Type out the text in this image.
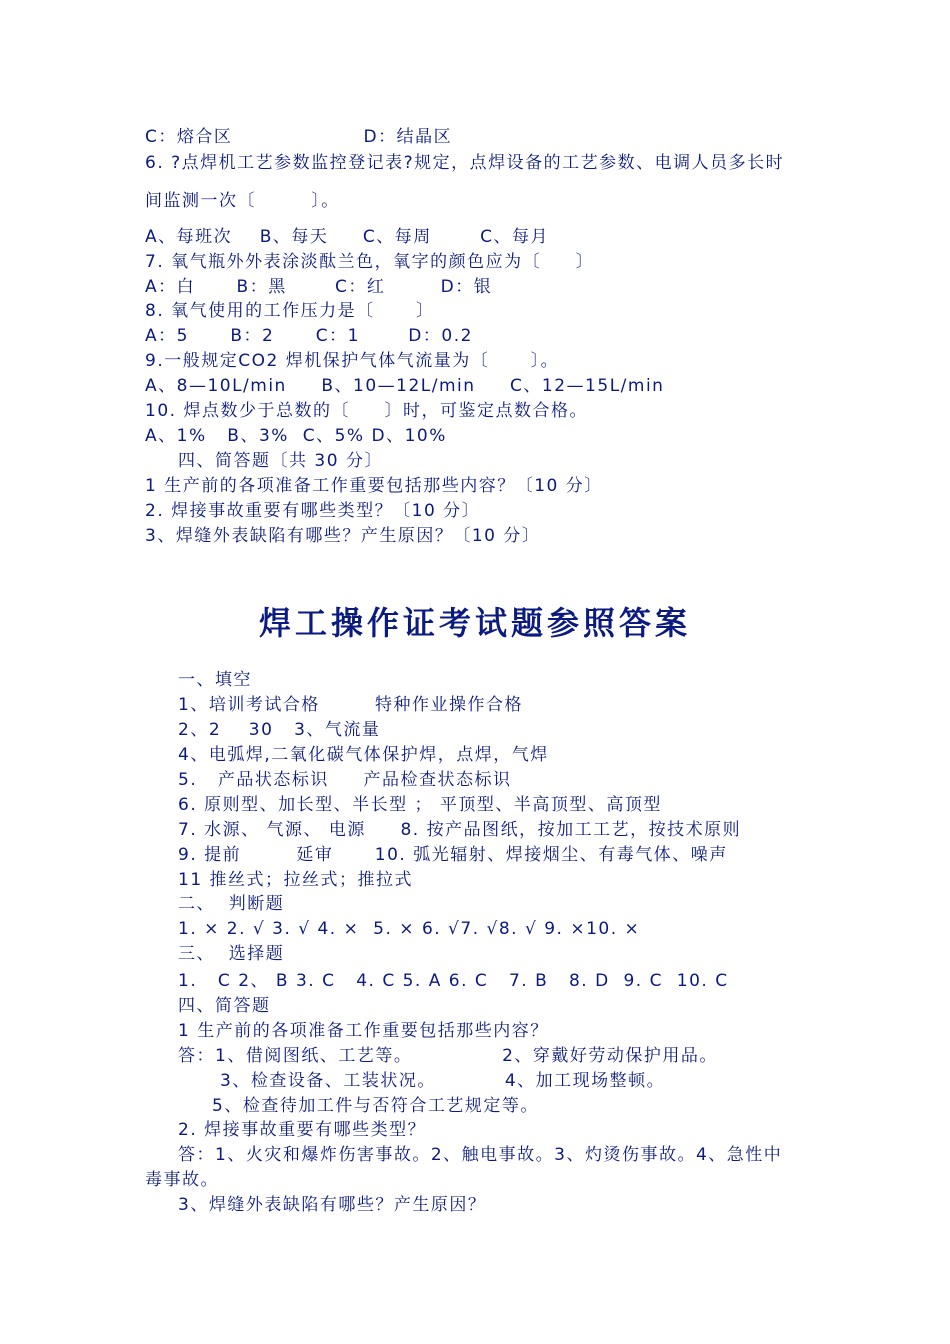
C：熔合区                   D：结晶区
6. ?点焊机工艺参数监控登记表?规定，点焊设备的工艺参数、电调人员多长时
间监测一次〔        〕。
A、每班次    B、每天     C、每周       C、每月
7. 氧气瓶外外表涂淡酞兰色，氧字的颜色应为〔     〕
A：白      B：黑       C：红        D：银
8. 氧气使用的工作压力是〔      〕
A：5      B：2      C：1       D：0.2
9.一般规定CO2 焊机保护气体气流量为〔      〕。
A、8—10L/min     B、10—12L/min     C、12—15L/min
10. 焊点数少于总数的〔     〕时，可鉴定点数合格。
A、1%   B、3%  C、5% D、10%
四、简答题〔共 30 分〕
1 生产前的各项准备工作重要包括那些内容？〔10 分〕
2. 焊接事故重要有哪些类型？〔10 分〕
3、焊缝外表缺陷有哪些？产生原因？〔10 分〕
焊工操作证考试题参照答案
一、填空
1、培训考试合格        特种作业操作合格
2、2    30   3、气流量
4、电弧焊,二氧化碳气体保护焊，点焊，气焊
5.   产品状态标识     产品检查状态标识
6. 原则型、加长型、半长型 ； 平顶型、半高顶型、高顶型
7. 水源、 气源、 电源     8. 按产品图纸，按加工工艺，按技术原则
9. 提前        延审      10. 弧光辐射、焊接烟尘、有毒气体、噪声
11 推丝式；拉丝式；推拉式
二、  判断题
1. × 2. √ 3. √ 4. ×  5. × 6. √7. √8. √ 9. ×10. ×
三、  选择题
1.   C 2、 B 3. C   4. C 5. A 6. C   7. B   8. D  9. C  10. C
四、简答题
1 生产前的各项准备工作重要包括那些内容？
答：1、借阅图纸、工艺等。             2、穿戴好劳动保护用品。
3、检查设备、工装状况。          4、加工现场整顿。
5、检查待加工件与否符合工艺规定等。
2. 焊接事故重要有哪些类型？
答：1、火灾和爆炸伤害事故。2、触电事故。3、灼烫伤事故。4、急性中
毒事故。
3、焊缝外表缺陷有哪些？产生原因？
